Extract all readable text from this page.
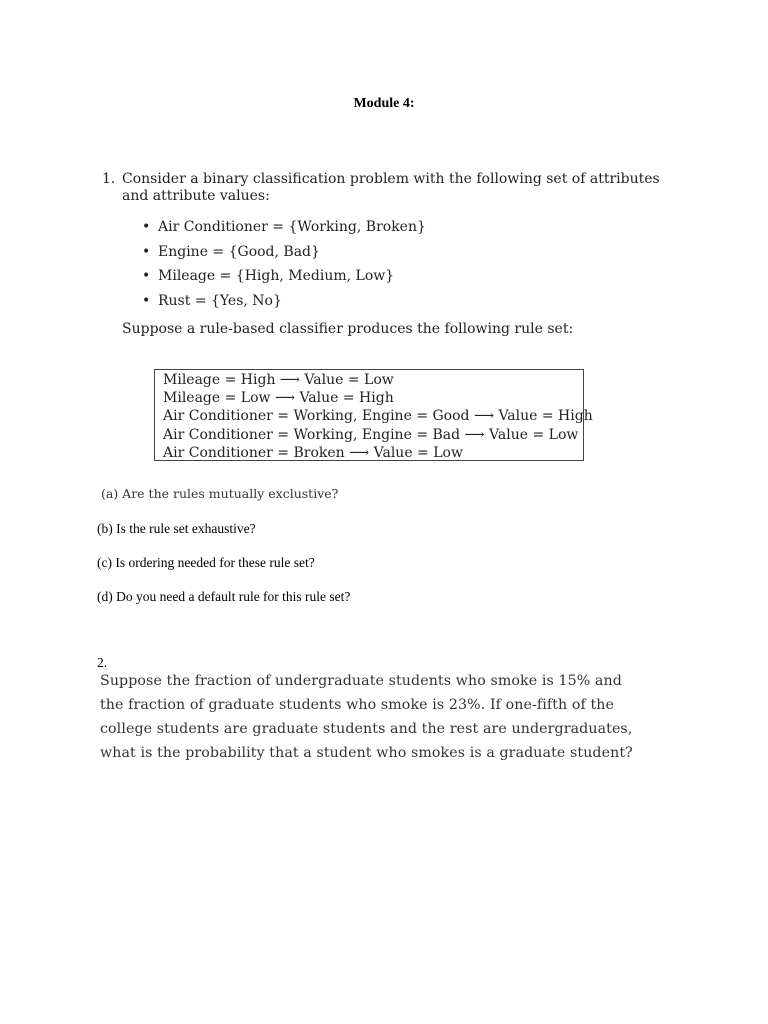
Module 4:
1. Consider a binary classification problem with the following set of attributes
and attribute values:
• Air Conditioner = {Working, Broken}
• Engine = {Good, Bad}
• Mileage = {High, Medium, Low}
• Rust = {Yes, No}
Suppose a rule-based classifier produces the following rule set:
Mileage = High ⟶ Value = Low
Mileage = Low ⟶ Value = High
Air Conditioner = Working, Engine = Good ⟶ Value = High
Air Conditioner = Working, Engine = Bad ⟶ Value = Low
Air Conditioner = Broken ⟶ Value = Low
(a) Are the rules mutually exclustive?
(b) Is the rule set exhaustive?
(c) Is ordering needed for these rule set?
(d) Do you need a default rule for this rule set?
2.
Suppose the fraction of undergraduate students who smoke is 15% and
the fraction of graduate students who smoke is 23%. If one-fifth of the
college students are graduate students and the rest are undergraduates,
what is the probability that a student who smokes is a graduate student?
